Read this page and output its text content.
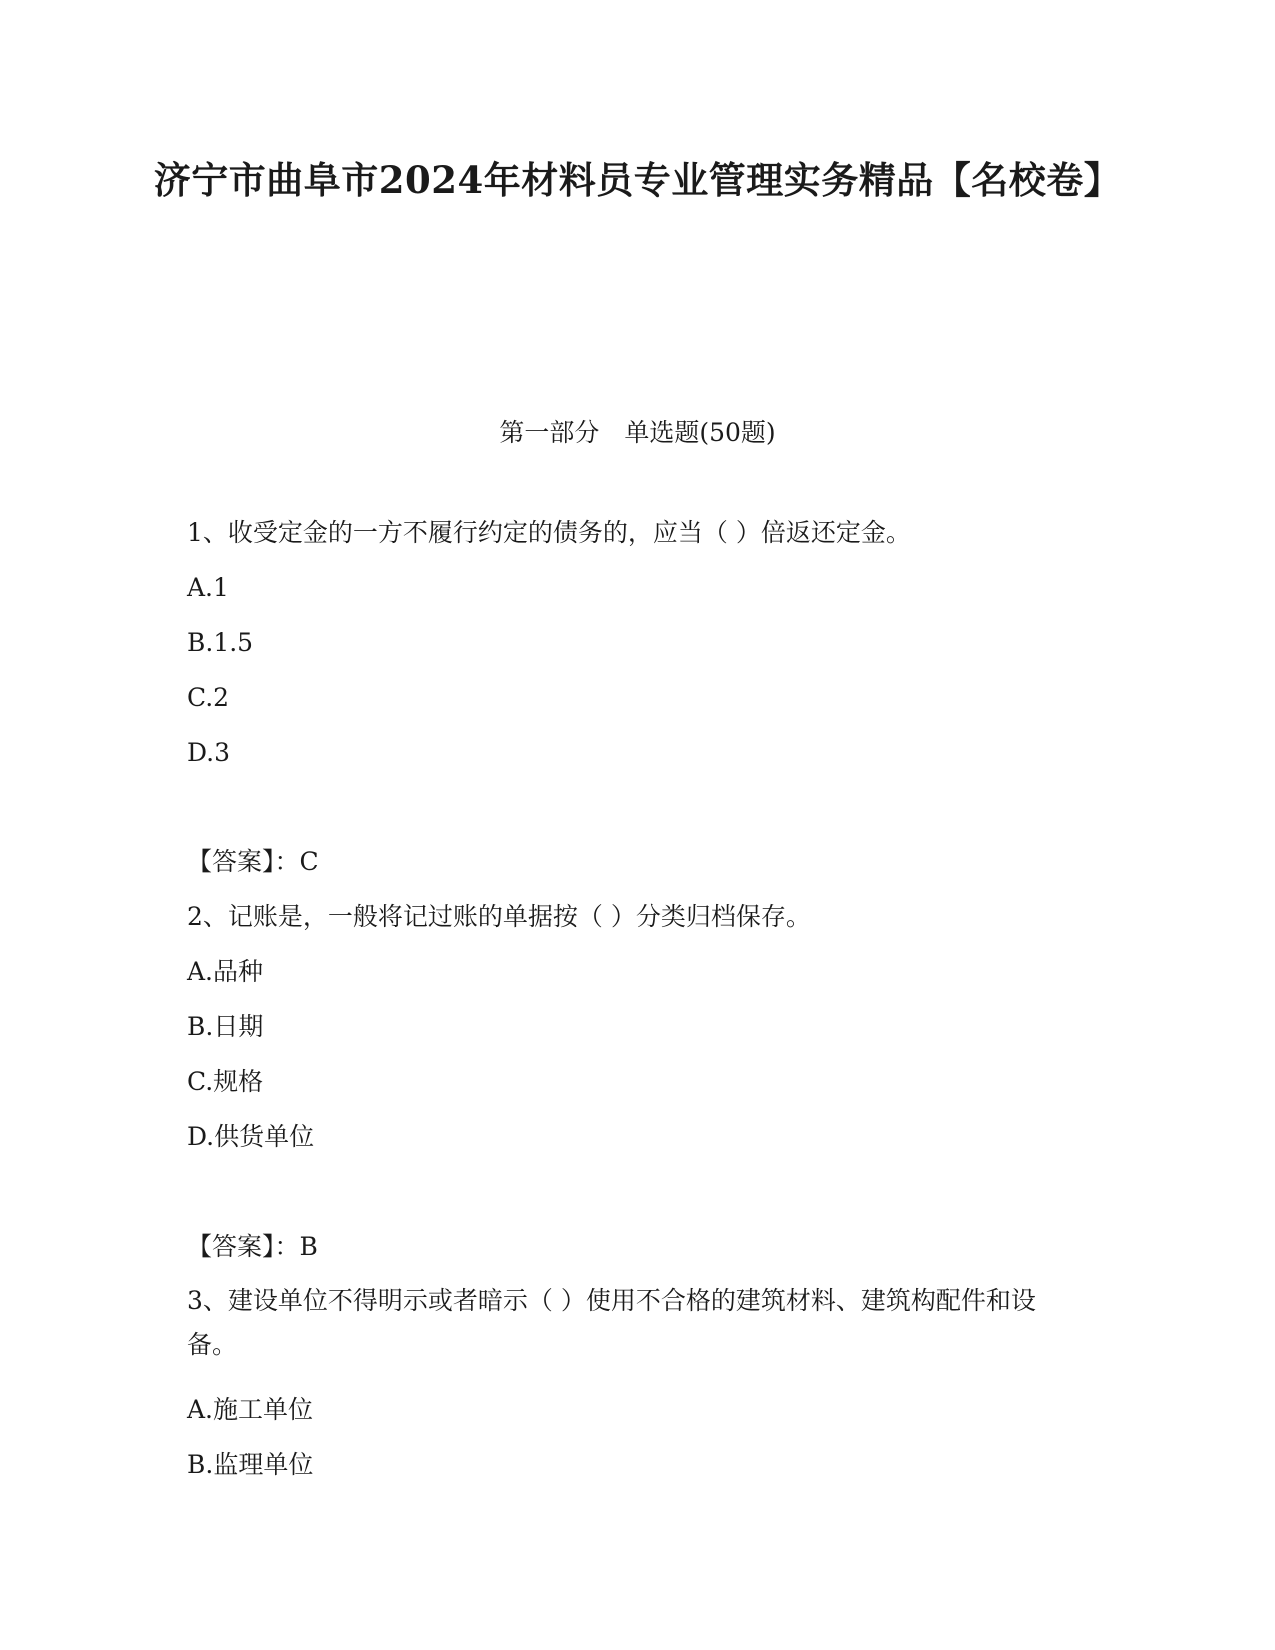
济宁市曲阜市2024年材料员专业管理实务精品【名校卷】

第一部分　单选题(50题)

1、收受定金的一方不履行约定的债务的，应当（ ）倍返还定金。

A.1

B.1.5

C.2

D.3

【答案】：C

2、记账是，一般将记过账的单据按（ ）分类归档保存。

A.品种

B.日期

C.规格

D.供货单位

【答案】：B

3、建设单位不得明示或者暗示（ ）使用不合格的建筑材料、建筑构配件和设备。

A.施工单位

B.监理单位
